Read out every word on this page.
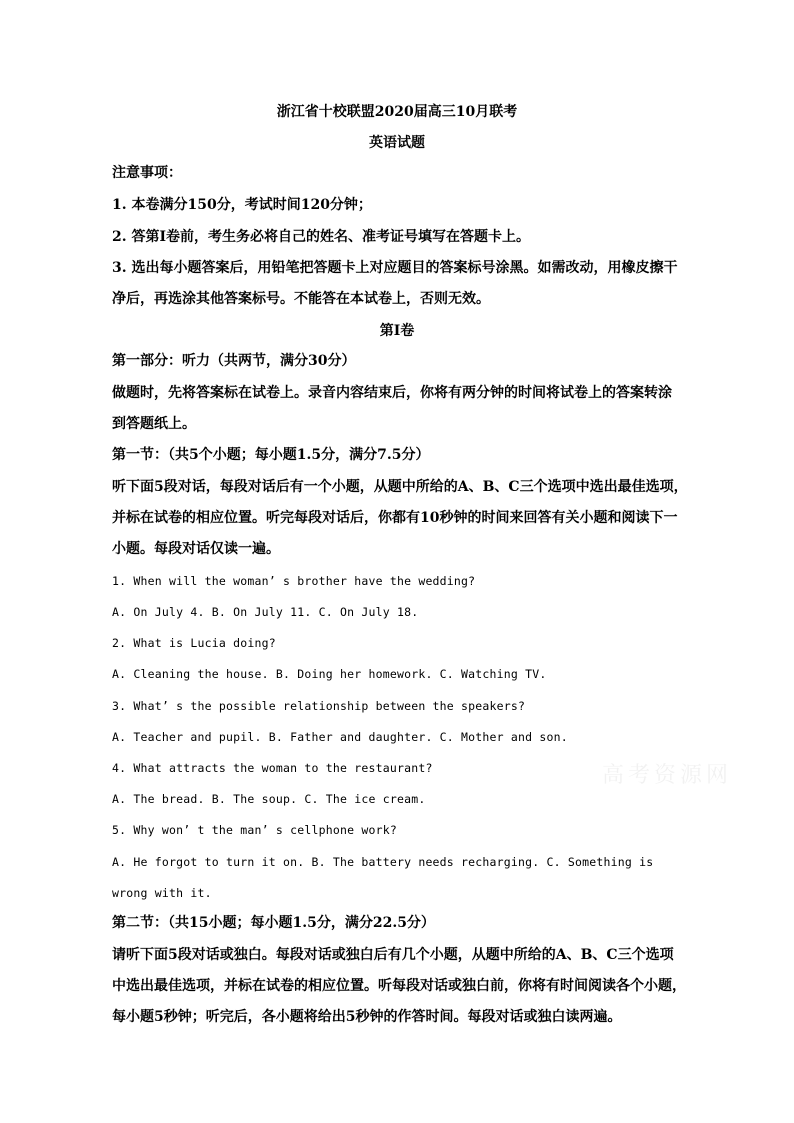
浙江省十校联盟2020届高三10月联考
英语试题
注意事项：
1. 本卷满分150分，考试时间120分钟；
2. 答第Ⅰ卷前，考生务必将自己的姓名、准考证号填写在答题卡上。
3. 选出每小题答案后，用铅笔把答题卡上对应题目的答案标号涂黑。如需改动，用橡皮擦干
净后，再选涂其他答案标号。不能答在本试卷上，否则无效。
第Ⅰ卷
第一部分：听力（共两节，满分30分）
做题时，先将答案标在试卷上。录音内容结束后，你将有两分钟的时间将试卷上的答案转涂
到答题纸上。
第一节：（共5个小题；每小题1.5分，满分7.5分）
听下面5段对话，每段对话后有一个小题，从题中所给的A、B、C三个选项中选出最佳选项，
并标在试卷的相应位置。听完每段对话后，你都有10秒钟的时间来回答有关小题和阅读下一
小题。每段对话仅读一遍。
1. When will the woman’ s brother have the wedding?
A. On July 4. B. On July 11. C. On July 18.
2. What is Lucia doing?
A. Cleaning the house. B. Doing her homework. C. Watching TV.
3. What’ s the possible relationship between the speakers?
A. Teacher and pupil. B. Father and daughter. C. Mother and son.
4. What attracts the woman to the restaurant?
A. The bread. B. The soup. C. The ice cream.
5. Why won’ t the man’ s cellphone work?
A. He forgot to turn it on. B. The battery needs recharging. C. Something is
wrong with it.
第二节：（共15小题；每小题1.5分，满分22.5分）
请听下面5段对话或独白。每段对话或独白后有几个小题，从题中所给的A、B、C三个选项
中选出最佳选项，并标在试卷的相应位置。听每段对话或独白前，你将有时间阅读各个小题，
每小题5秒钟；听完后，各小题将给出5秒钟的作答时间。每段对话或独白读两遍。
高考资源网
